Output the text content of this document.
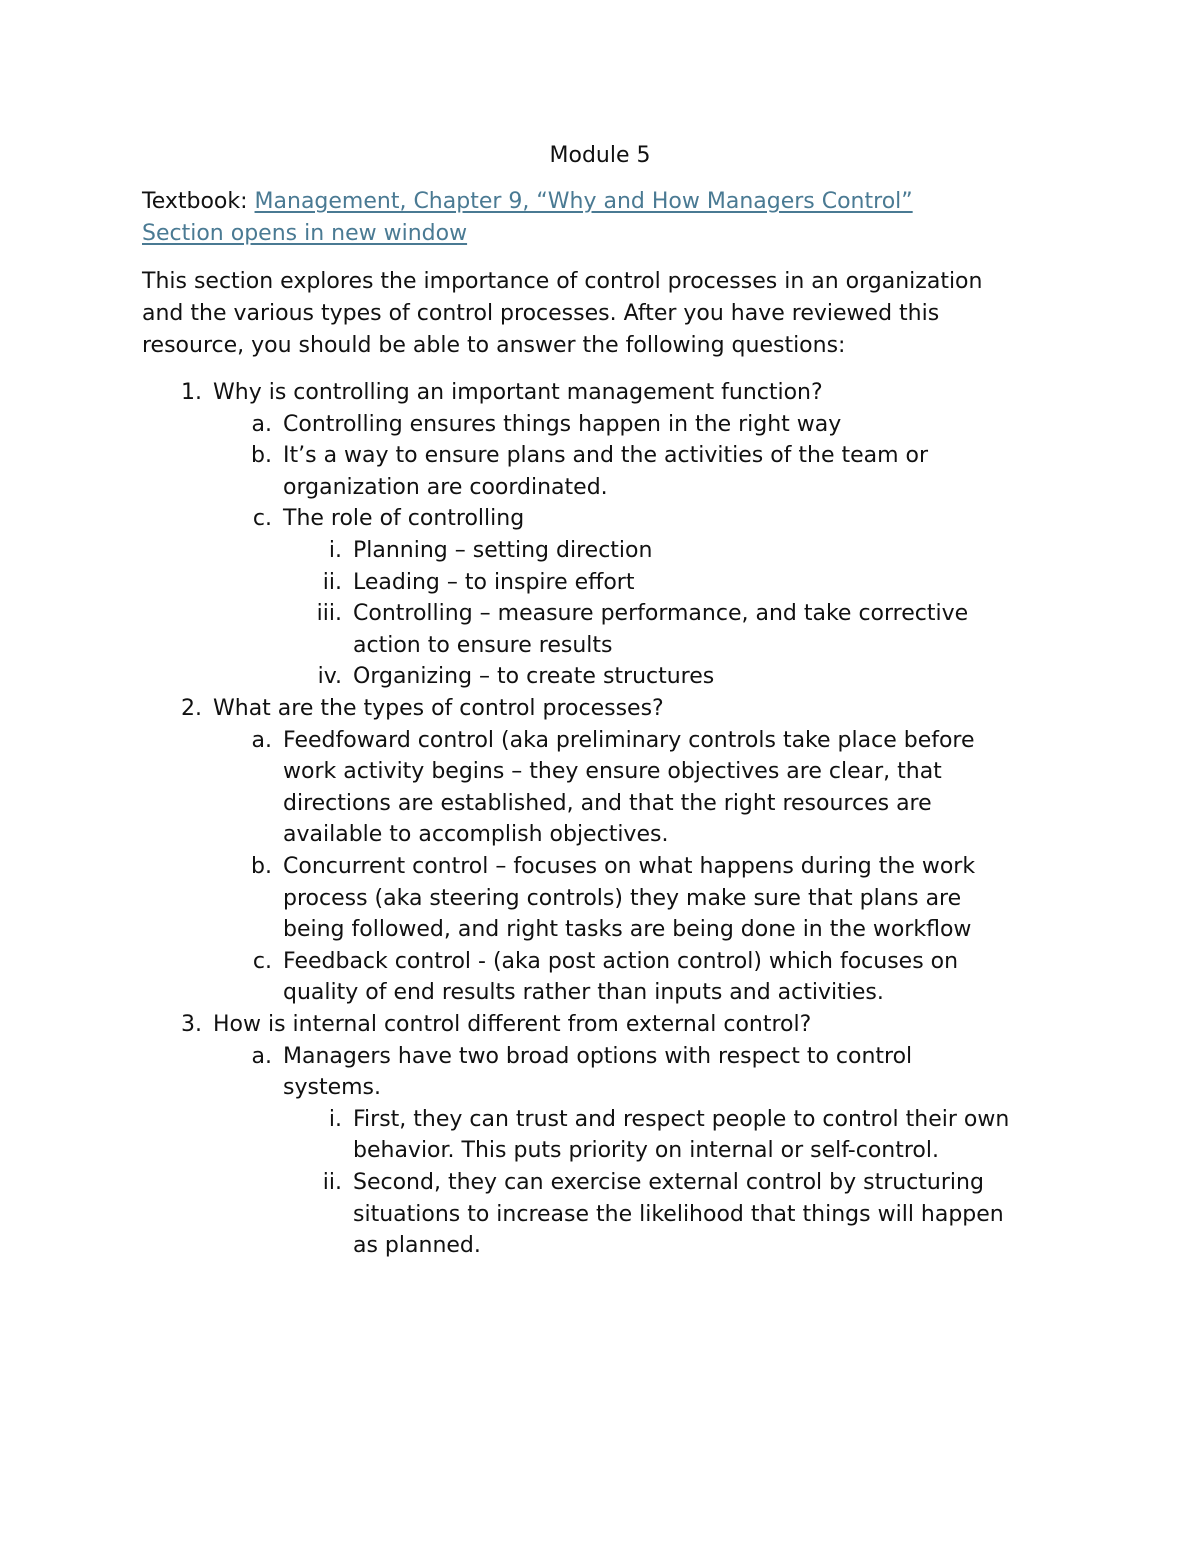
Module 5
Textbook: Management, Chapter 9, “Why and How Managers Control”
Section opens in new window
This section explores the importance of control processes in an organization
and the various types of control processes. After you have reviewed this
resource, you should be able to answer the following questions:
1. Why is controlling an important management function?
a. Controlling ensures things happen in the right way
b. It’s a way to ensure plans and the activities of the team or
organization are coordinated.
c. The role of controlling
i. Planning – setting direction
ii. Leading – to inspire effort
iii. Controlling – measure performance, and take corrective
action to ensure results
iv. Organizing – to create structures
2. What are the types of control processes?
a. Feedfoward control (aka preliminary controls take place before
work activity begins – they ensure objectives are clear, that
directions are established, and that the right resources are
available to accomplish objectives.
b. Concurrent control – focuses on what happens during the work
process (aka steering controls) they make sure that plans are
being followed, and right tasks are being done in the workflow
c. Feedback control - (aka post action control) which focuses on
quality of end results rather than inputs and activities.
3. How is internal control different from external control?
a. Managers have two broad options with respect to control
systems.
i. First, they can trust and respect people to control their own
behavior. This puts priority on internal or self-control.
ii. Second, they can exercise external control by structuring
situations to increase the likelihood that things will happen
as planned.
